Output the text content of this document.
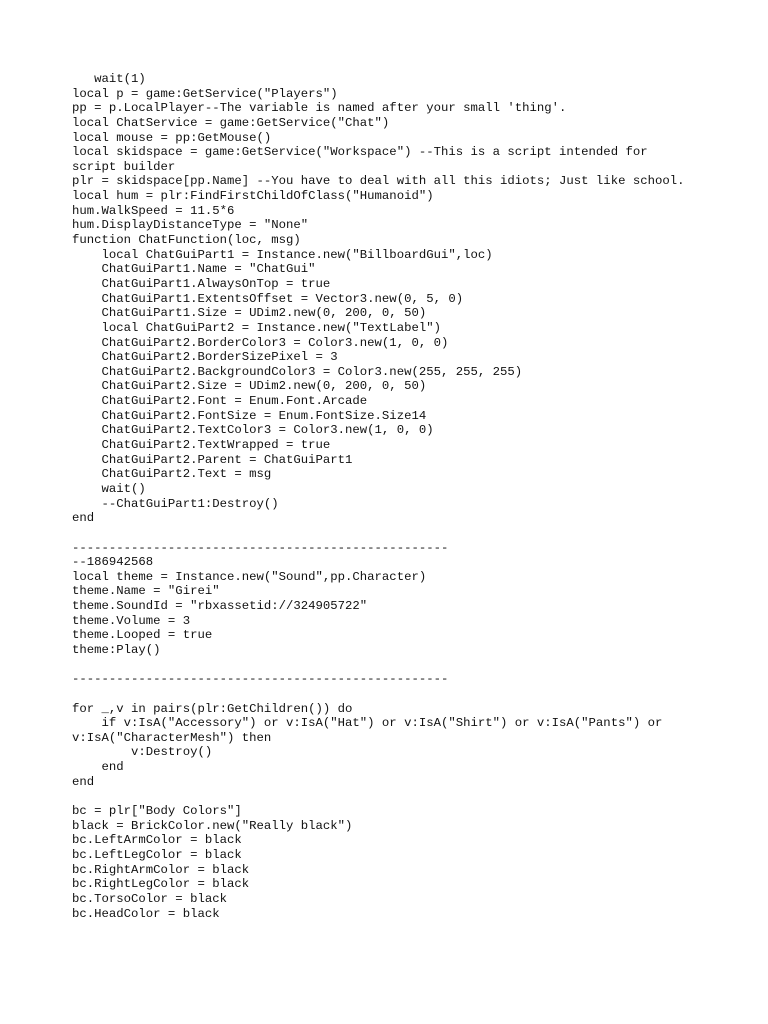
wait(1)
local p = game:GetService("Players")
pp = p.LocalPlayer--The variable is named after your small 'thing'.
local ChatService = game:GetService("Chat")
local mouse = pp:GetMouse()
local skidspace = game:GetService("Workspace") --This is a script intended for
script builder
plr = skidspace[pp.Name] --You have to deal with all this idiots; Just like school.
local hum = plr:FindFirstChildOfClass("Humanoid")
hum.WalkSpeed = 11.5*6
hum.DisplayDistanceType = "None"
function ChatFunction(loc, msg)
local ChatGuiPart1 = Instance.new("BillboardGui",loc)
ChatGuiPart1.Name = "ChatGui"
ChatGuiPart1.AlwaysOnTop = true
ChatGuiPart1.ExtentsOffset = Vector3.new(0, 5, 0)
ChatGuiPart1.Size = UDim2.new(0, 200, 0, 50)
local ChatGuiPart2 = Instance.new("TextLabel")
ChatGuiPart2.BorderColor3 = Color3.new(1, 0, 0)
ChatGuiPart2.BorderSizePixel = 3
ChatGuiPart2.BackgroundColor3 = Color3.new(255, 255, 255)
ChatGuiPart2.Size = UDim2.new(0, 200, 0, 50)
ChatGuiPart2.Font = Enum.Font.Arcade
ChatGuiPart2.FontSize = Enum.FontSize.Size14
ChatGuiPart2.TextColor3 = Color3.new(1, 0, 0)
ChatGuiPart2.TextWrapped = true
ChatGuiPart2.Parent = ChatGuiPart1
ChatGuiPart2.Text = msg
wait()
--ChatGuiPart1:Destroy()
end
---------------------------------------------------
--186942568
local theme = Instance.new("Sound",pp.Character)
theme.Name = "Girei"
theme.SoundId = "rbxassetid://324905722"
theme.Volume = 3
theme.Looped = true
theme:Play()
---------------------------------------------------
for _,v in pairs(plr:GetChildren()) do
if v:IsA("Accessory") or v:IsA("Hat") or v:IsA("Shirt") or v:IsA("Pants") or
v:IsA("CharacterMesh") then
v:Destroy()
end
end
bc = plr["Body Colors"]
black = BrickColor.new("Really black")
bc.LeftArmColor = black
bc.LeftLegColor = black
bc.RightArmColor = black
bc.RightLegColor = black
bc.TorsoColor = black
bc.HeadColor = black
